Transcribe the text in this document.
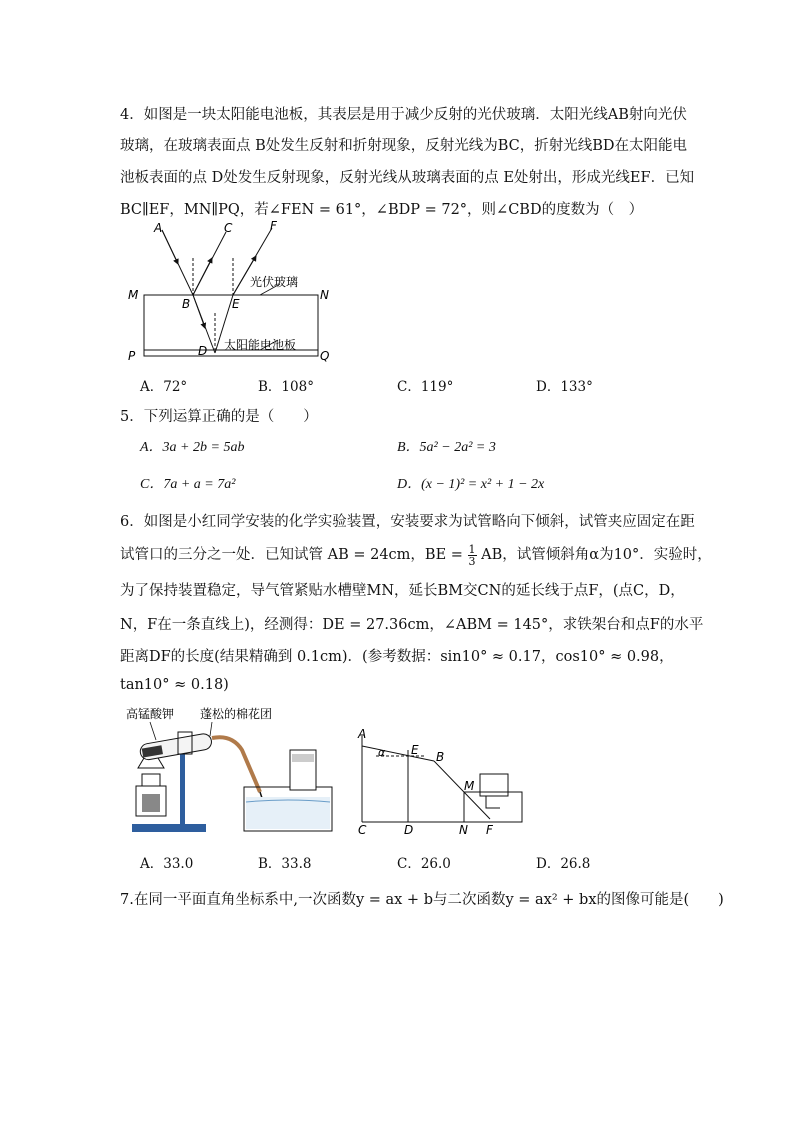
4．如图是一块太阳能电池板，其表层是用于减少反射的光伏玻璃．太阳光线AB射向光伏
玻璃，在玻璃表面点 B处发生反射和折射现象，反射光线为BC，折射光线BD在太阳能电
池板表面的点 D处发生反射现象，反射光线从玻璃表面的点 E处射出，形成光线EF．已知
BC∥EF，MN∥PQ，若∠FEN = 61°，∠BDP = 72°，则∠CBD的度数为（　）
A	C	F
M	N
B	E
P	Q
D
光伏玻璃
太阳能电池板
A．72°	B．108°	C．119°	D．133°
5．下列运算正确的是（　　）
A．3a + 2b = 5ab	B．5a² − 2a² = 3
C．7a + a = 7a²	D．(x − 1)² = x² + 1 − 2x
6．如图是小红同学安装的化学实验装置，安装要求为试管略向下倾斜，试管夹应固定在距
试管口的三分之一处．已知试管 AB = 24cm，BE = $\frac{1}{3}$ AB，试管倾斜角α为10°．实验时，
为了保持装置稳定，导气管紧贴水槽壁MN，延长BM交CN的延长线于点F，(点C，D，
N，F在一条直线上)，经测得：DE = 27.36cm，∠ABM = 145°，求铁架台和点F的水平
距离DF的长度(结果精确到 0.1cm)．(参考数据：sin10° ≈ 0.17，cos10° ≈ 0.98，
tan10° ≈ 0.18)
高锰酸钾 蓬松的棉花团
A
E B
α
M
C	D	N F
A．33.0	B．33.8	C．26.0	D．26.8
7.在同一平面直角坐标系中,一次函数y = ax + b与二次函数y = ax² + bx的图像可能是(　　)
